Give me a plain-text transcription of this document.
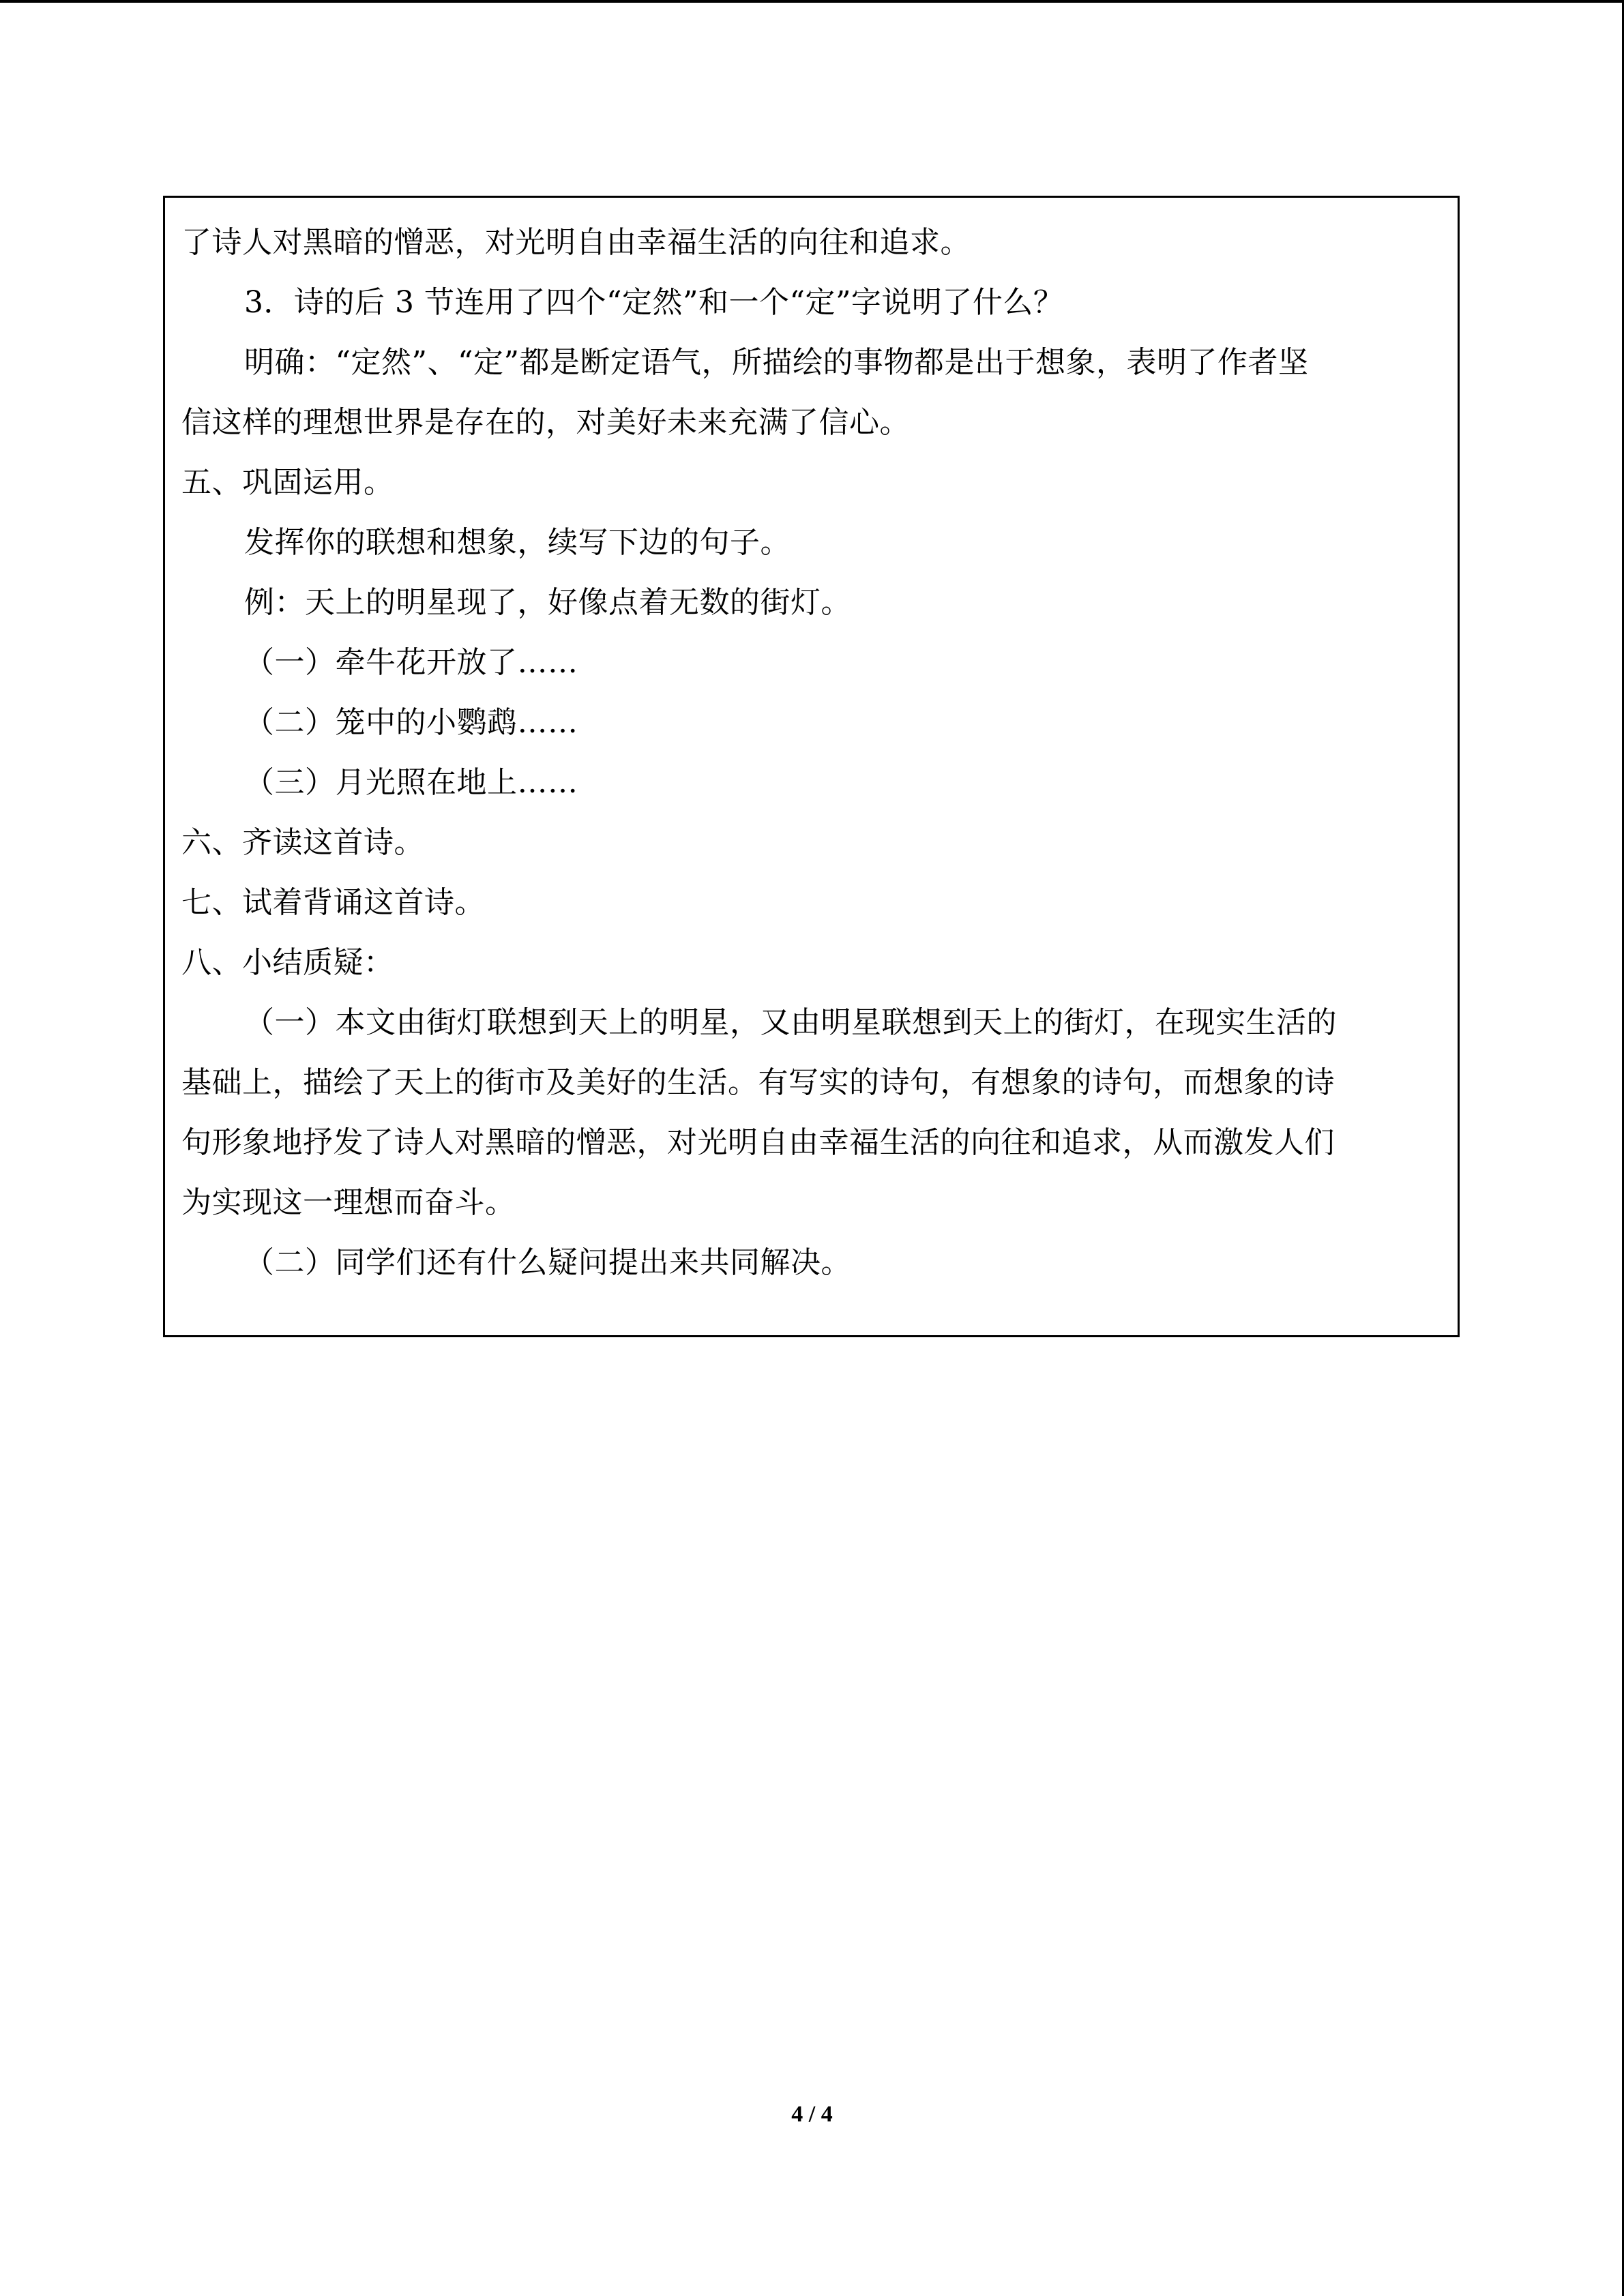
了诗人对黑暗的憎恶，对光明自由幸福生活的向往和追求。
3．诗的后 3 节连用了四个“定然”和一个“定”字说明了什么？
明确：“定然”、“定”都是断定语气，所描绘的事物都是出于想象，表明了作者坚
信这样的理想世界是存在的，对美好未来充满了信心。
五、巩固运用。
发挥你的联想和想象，续写下边的句子。
例：天上的明星现了，好像点着无数的街灯。
（一）牵牛花开放了……
（二）笼中的小鹦鹉……
（三）月光照在地上……
六、齐读这首诗。
七、试着背诵这首诗。
八、小结质疑：
（一）本文由街灯联想到天上的明星，又由明星联想到天上的街灯，在现实生活的
基础上，描绘了天上的街市及美好的生活。有写实的诗句，有想象的诗句，而想象的诗
句形象地抒发了诗人对黑暗的憎恶，对光明自由幸福生活的向往和追求，从而激发人们
为实现这一理想而奋斗。
（二）同学们还有什么疑问提出来共同解决。
4 / 4
